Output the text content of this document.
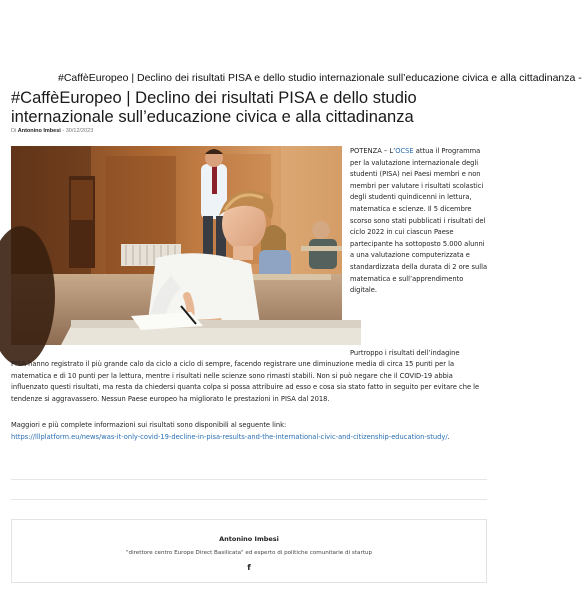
#CaffèEuropeo | Declino dei risultati PISA e dello studio internazionale sull’educazione civica e alla cittadinanza -
#CaffèEuropeo | Declino dei risultati PISA e dello studio internazionale sull’educazione civica e alla cittadinanza
Di Antonino Imbesi - 30/12/2023
POTENZA – L’OCSE attua il Programma per la valutazione internazionale degli studenti (PISA) nei Paesi membri e non membri per valutare i risultati scolastici degli studenti quindicenni in lettura, matematica e scienze. Il 5 dicembre scorso sono stati pubblicati i risultati del ciclo 2022 in cui ciascun Paese partecipante ha sottoposto 5.000 alunni a una valutazione computerizzata e standardizzata della durata di 2 ore sulla matematica e sull’apprendimento digitale.
Purtroppo i risultati dell’indagine
PISA hanno registrato il più grande calo da ciclo a ciclo di sempre, facendo registrare une diminuzione media di circa 15 punti per la matematica e di 10 punti per la lettura, mentre i risultati nelle scienze sono rimasti stabili. Non si può negare che il COVID-19 abbia influenzato questi risultati, ma resta da chiedersi quanta colpa si possa attribuire ad esso e cosa sia stato fatto in seguito per evitare che le tendenze si aggravassero. Nessun Paese europeo ha migliorato le prestazioni in PISA dal 2018.
Maggiori e più complete informazioni sui risultati sono disponibili al seguente link:
https://lllplatform.eu/news/was-it-only-covid-19-decline-in-pisa-results-and-the-international-civic-and-citizenship-education-study/.
Antonino Imbesi
"direttore centro Europe Direct Basilicata" ed esperto di politiche comunitarie di startup
f
